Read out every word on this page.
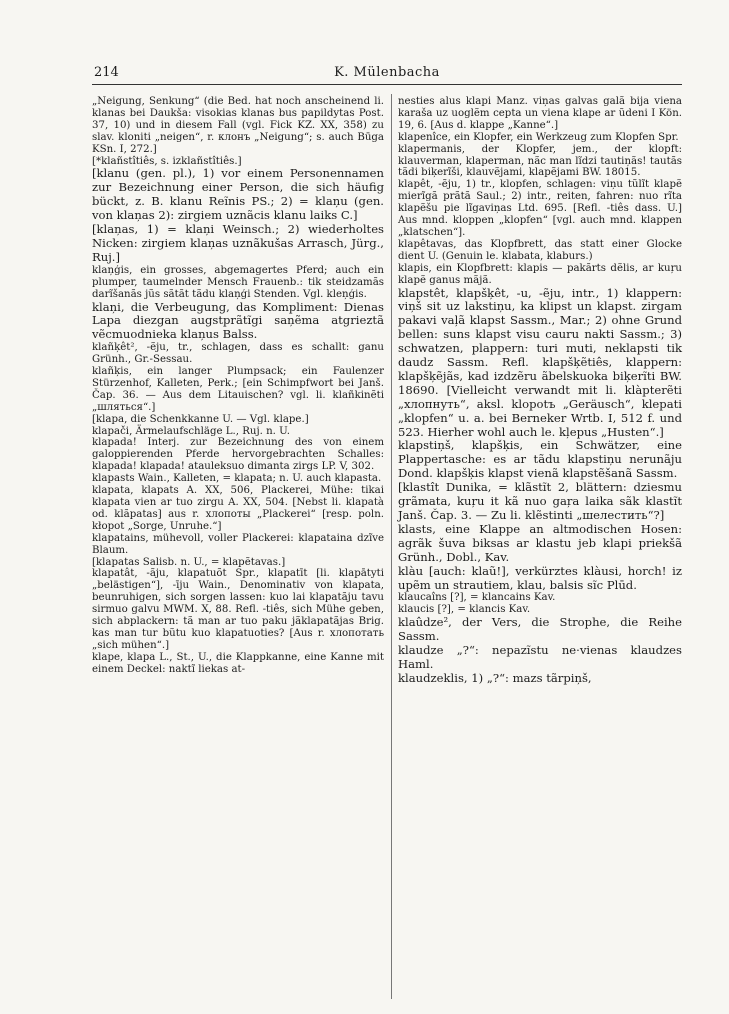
214	K. Mülenbacha

„Neigung, Senkung“ (die Bed. hat noch anscheinend li. klanas bei Daukša: visokias klanas bus papildytas Post. 37, 10) und in diesem Fall (vgl. Fick KZ. XX, 358) zu slav. kloniti „neigen“, r. клонъ „Neigung“; s. auch Būga KSn. I, 272.]

[*klañstîtiês, s. izklañstîtiês.]

[klanu (gen. pl.), 1) vor einem Personennamen zur Bezeichnung einer Person, die sich häufig bückt, z. B. klanu Reĩnis PS.; 2) = klaņu (gen. von klaņas 2): zirgiem uznãcis klanu laiks C.]

[klaņas, 1) = klaņi Weinsch.; 2) wiederholtes Nicken: zirgiem klaņas uznãkušas Arrasch, Jürg., Ruj.]

klaņģis, ein grosses, abgemagertes Pferd; auch ein plumper, taumelnder Mensch Frauenb.: tik steidzamãs darĩšanãs jũs sãtãt tãdu klaņģi Stenden. Vgl. kleņģis.

klaņi, die Verbeugung, das Kompliment: Dienas Lapa diezgan augstprãtĩgi saņẽma atgrieztã vẽcmuodnieka klaņus Balss.

klañķêt², -ẽju, tr., schlagen, dass es schallt: ganu Grünh., Gr.-Sessau.

klañķis, ein langer Plumpsack; ein Faulenzer Stürzenhof, Kalleten, Perk.; [ein Schimpfwort bei Janš. Čap. 36. — Aus dem Litauischen? vgl. li. klañkinẽti „шляться“.]

[klapa, die Schenkkanne U. — Vgl. klape.]

klapači, Ärmelaufschläge L., Ruj. n. U.

klapada! Interj. zur Bezeichnung des von einem galoppierenden Pferde hervorgebrachten Schalles: klapada! klapada! atauleksuo dimanta zirgs LP. V, 302.

klapasts Wain., Kalleten, = klapata; n. U. auch klapasta.

klapata, klapats A. XX, 506, Plackerei, Mühe: tikai klapata vien ar tuo zirgu A. XX, 504. [Nebst li. klapatà od. klãpatas] aus r. хлопоты „Plackerei“ [resp. poln. kłopot „Sorge, Unruhe.“]

klapatains, mühevoll, voller Plackerei: klapataina dzĩve Blaum.

[klapatas Salisb. n. U., = klapẽtavas.]

klapatât, -ãju, klapatuõt Spr., klapatīt [li. klapātyti „belästigen“], -īju Wain., Denominativ von klapata, beunruhigen, sich sorgen lassen: kuo lai klapatãju tavu sirmuo galvu MWM. X, 88. Refl. -tiês, sich Mühe geben, sich abplackern: tã man ar tuo paku jãklapatãjas Brig. kas man tur bũtu kuo klapatuoties? [Aus r. хлопотать „sich mühen“.]

klape, klapa L., St., U., die Klappkanne, eine Kanne mit einem Deckel: naktĩ liekas at-

nesties alus klapi Manz. viņas galvas galã bija viena karaša uz uoglẽm cepta un viena klape ar ũdeni I Kön. 19, 6. [Aus d. klappe „Kanne“.]

klapenîce, ein Klopfer, ein Werkzeug zum Klopfen Spr.

klapermanis, der Klopfer, jem., der klopft: klauverman, klaperman, nãc man lĩdzi tautiņãs! tautãs tãdi biķerĩši, klauvẽjami, klapẽjami BW. 18015.

klapêt, -ẽju, 1) tr., klopfen, schlagen: viņu tũlĩt klapẽ mierĩgã prãtã Saul.; 2) intr., reiten, fahren: nuo rĩta klapẽšu pie lĩgaviņas Ltd. 695. [Refl. -tiês dass. U.] Aus mnd. kloppen „klopfen“ [vgl. auch mnd. klappen „klatschen“].

klapêtavas, das Klopfbrett, das statt einer Glocke dient U. (Genuin le. klabata, klaburs.)

klapis, ein Klopfbrett: klapis — pakãrts dẽlis, ar kuŗu klapẽ ganus mãjã.

klapstêt, klapšķêt, -u, -ẽju, intr., 1) klappern: viņš sit uz lakstiņu, ka klipst un klapst. zirgam pakavi vaļã klapst Sassm., Mar.; 2) ohne Grund bellen: suns klapst visu cauru nakti Sassm.; 3) schwatzen, plappern: turi muti, neklapsti tik daudz Sassm. Refl. klapšķẽtiês, klappern: klapšķẽjãs, kad izdzẽru ãbelskuoka biķerĩti BW. 18690. [Vielleicht verwandt mit li. klàpterẽti „хлопнуть“, aksl. klopotъ „Geräusch“, klepati „klopfen“ u. a. bei Berneker Wrtb. I, 512 f. und 523. Hierher wohl auch le. kļepus „Husten“.]

klapstiņš, klapšķis, ein Schwätzer, eine Plappertasche: es ar tãdu klapstiņu nerunãju Dond. klapšķis klapst vienã klapstẽšanã Sassm.

[klastît Dunika, = klãstĩt 2, blättern: dziesmu grãmata, kuŗu it kã nuo gaŗa laika sãk klastĩt Janš. Čap. 3. — Zu li. klẽstinti „шелестить“?]

klasts, eine Klappe an altmodischen Hosen: agrãk šuva biksas ar klastu jeb klapi priekšã Grünh., Dobl., Kav.

klàu [auch: klaũ!], verkürztes klàusi, horch! iz upẽm un strautiem, klau, balsis sĩc Plūd.

klaucaîns [?], = klancains Kav.

klaucis [?], = klancis Kav.

klaûdze², der Vers, die Strophe, die Reihe Sassm.

klaudze „?“: nepazĩstu ne·vienas klaudzes Haml.

klaudzeklis, 1) „?“: mazs tãrpiņš,
